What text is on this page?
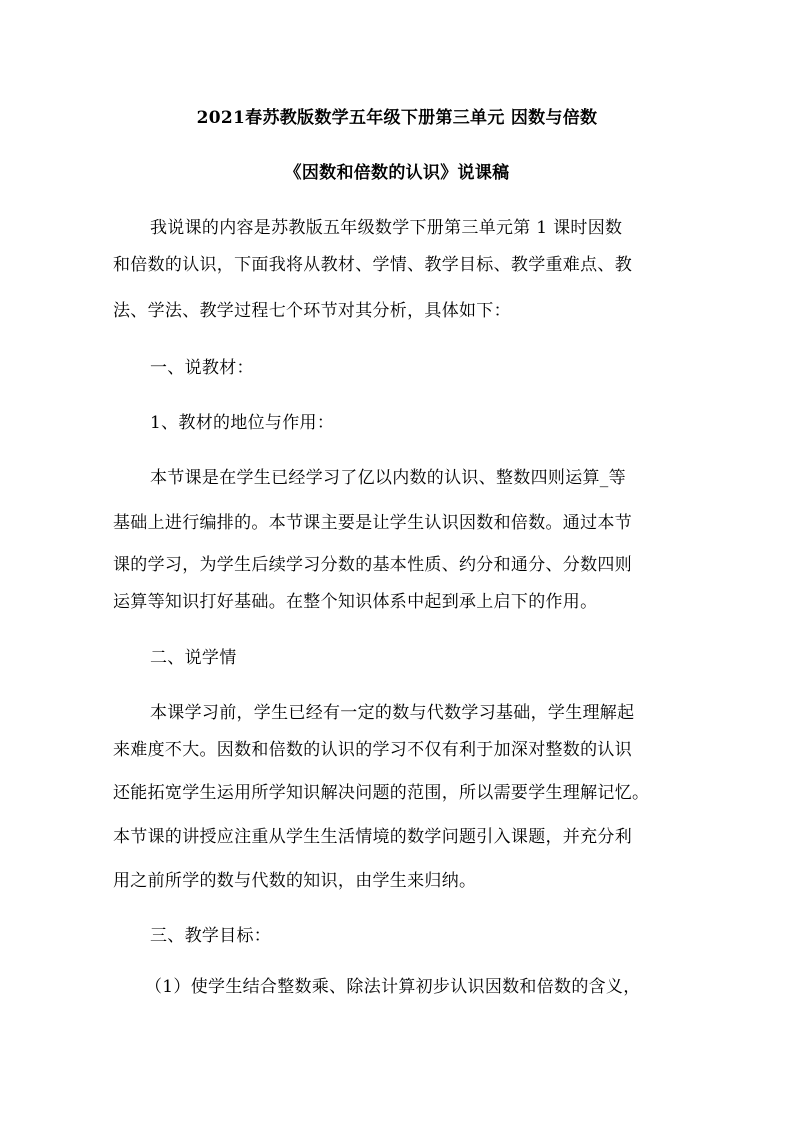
2021春苏教版数学五年级下册第三单元 因数与倍数
《因数和倍数的认识》说课稿
我说课的内容是苏教版五年级数学下册第三单元第 1 课时因数
和倍数的认识，下面我将从教材、学情、教学目标、教学重难点、教
法、学法、教学过程七个环节对其分析，具体如下：
一、说教材：
1、教材的地位与作用：
本节课是在学生已经学习了亿以内数的认识、整数四则运算_等
基础上进行编排的。本节课主要是让学生认识因数和倍数。通过本节
课的学习，为学生后续学习分数的基本性质、约分和通分、分数四则
运算等知识打好基础。在整个知识体系中起到承上启下的作用。
二、说学情
本课学习前，学生已经有一定的数与代数学习基础，学生理解起
来难度不大。因数和倍数的认识的学习不仅有利于加深对整数的认识
还能拓宽学生运用所学知识解决问题的范围，所以需要学生理解记忆。
本节课的讲授应注重从学生生活情境的数学问题引入课题，并充分利
用之前所学的数与代数的知识，由学生来归纳。
三、教学目标：
（1）使学生结合整数乘、除法计算初步认识因数和倍数的含义，
